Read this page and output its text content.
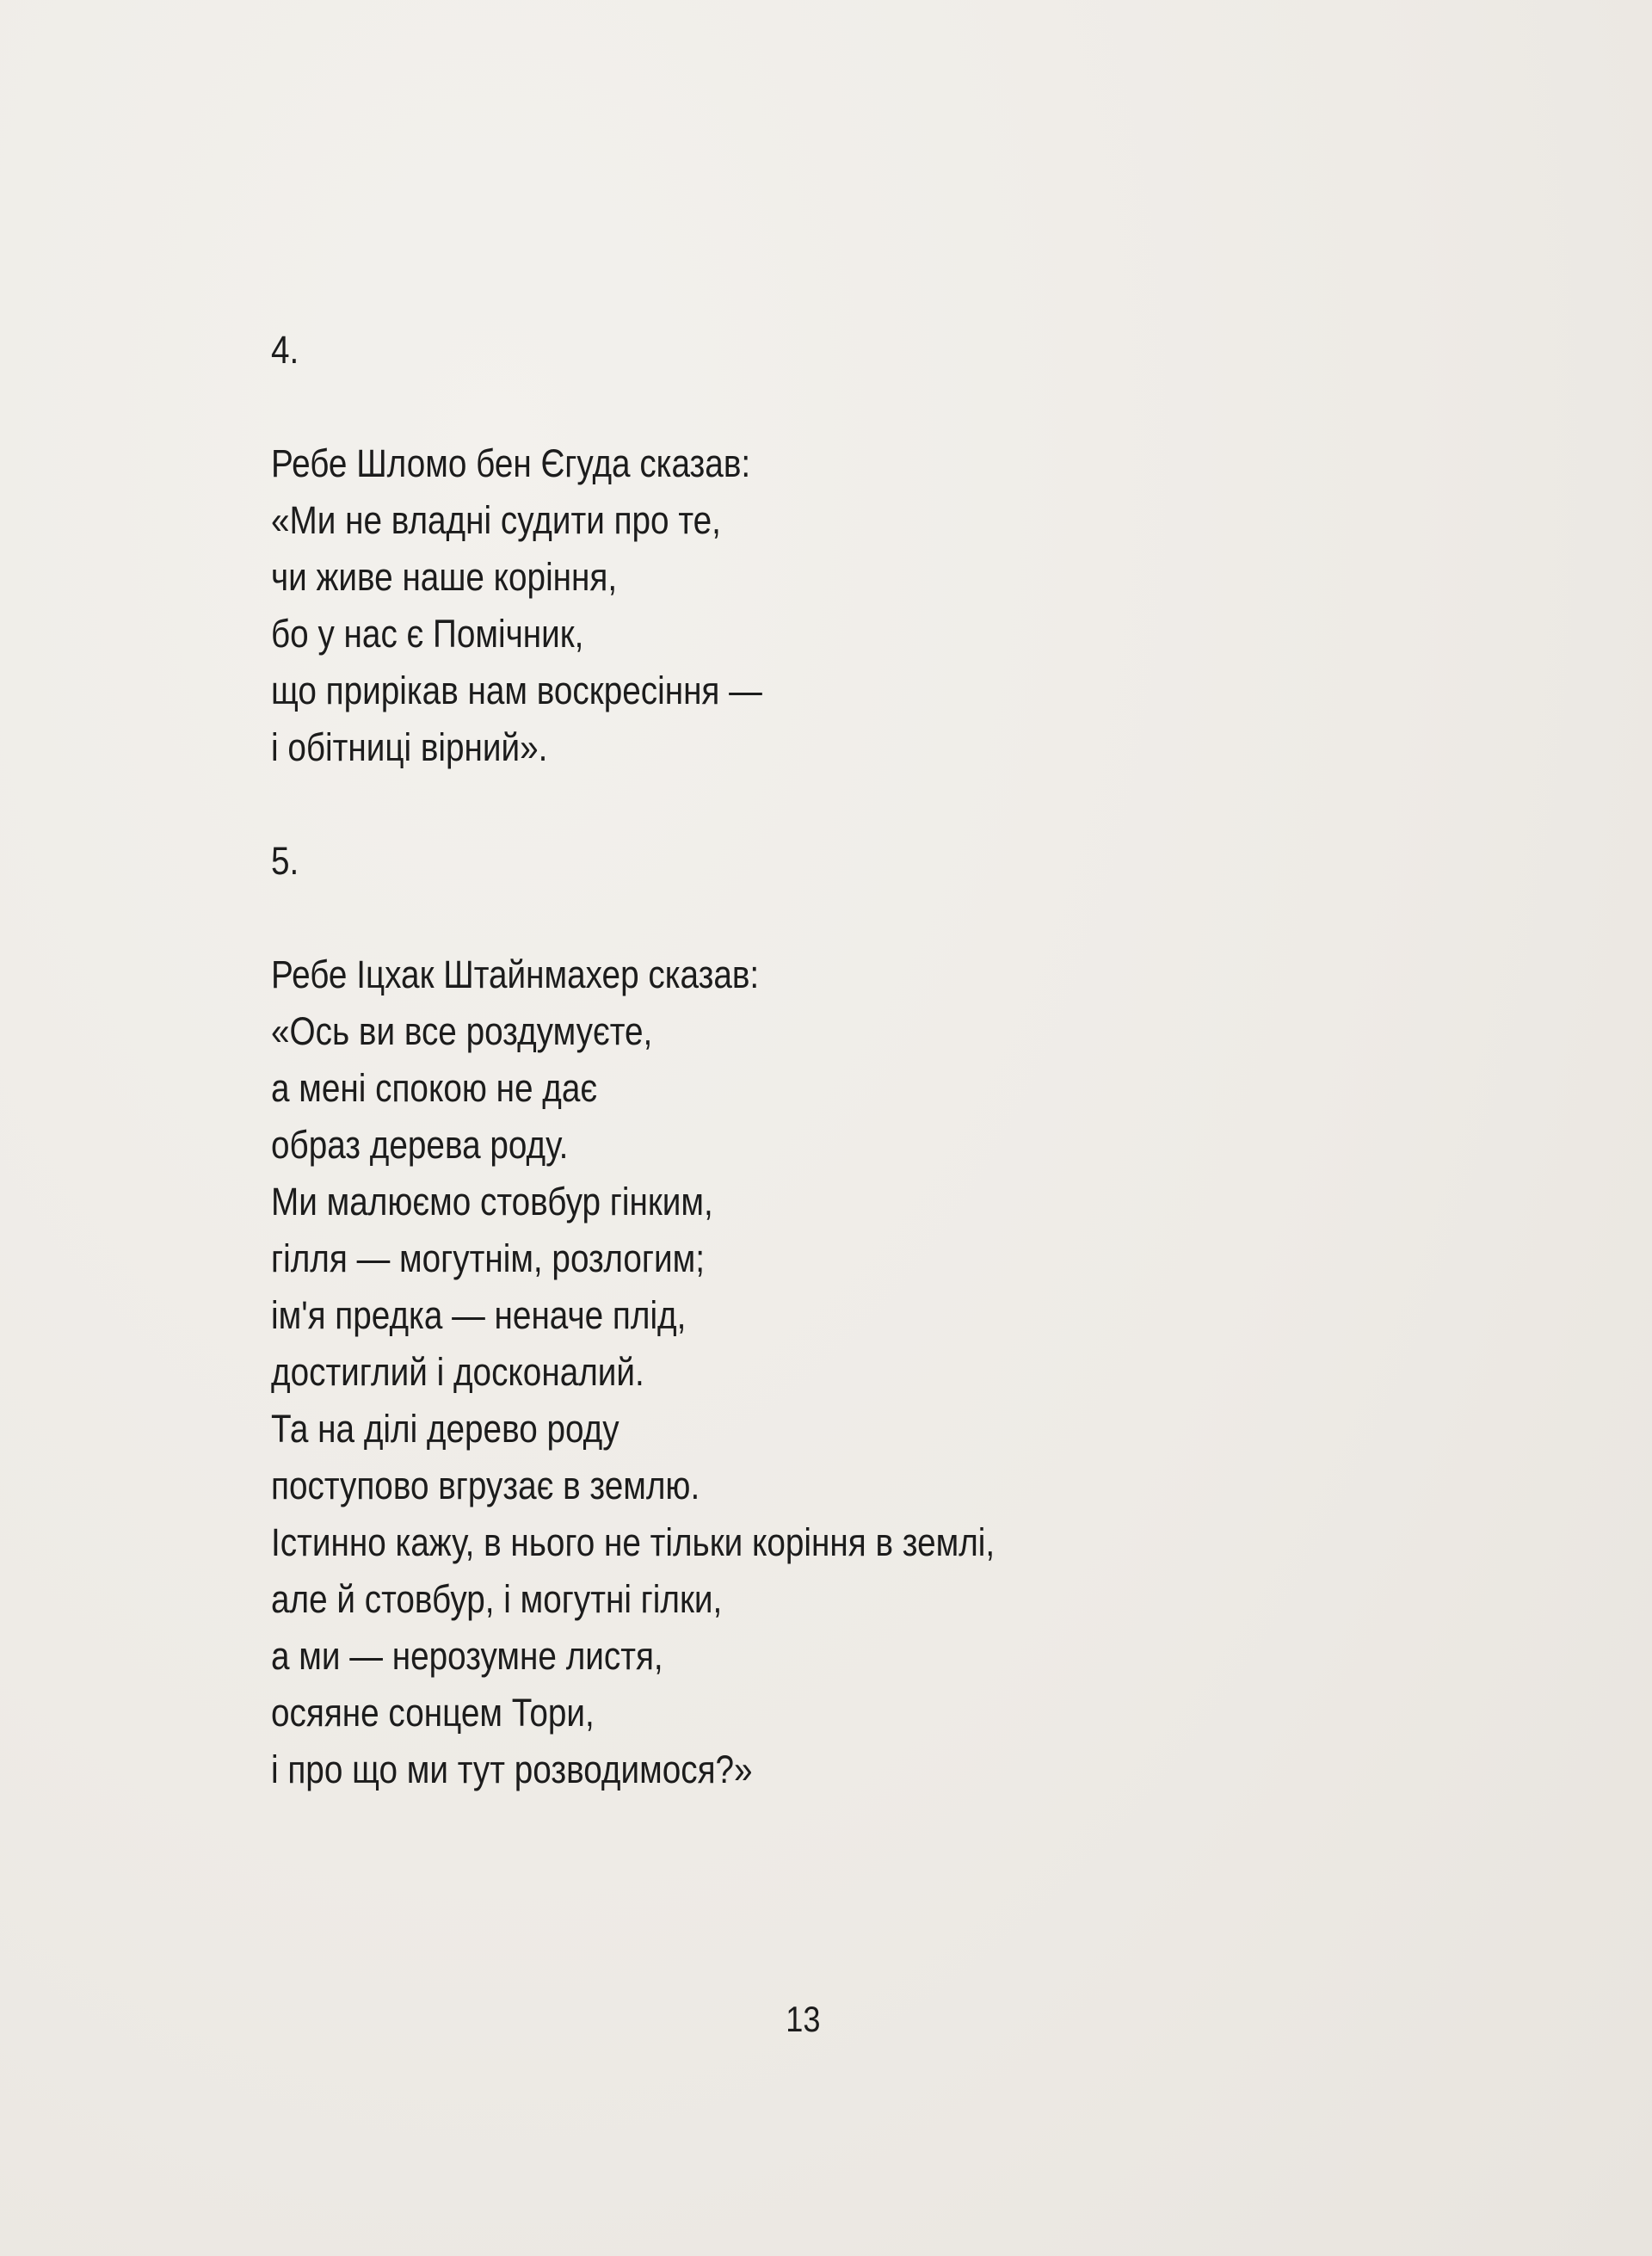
4.
Ребе Шломо бен Єгуда сказав:
«Ми не владні судити про те,
чи живе наше коріння,
бо у нас є Помічник,
що прирікав нам воскресіння —
і обітниці вірний».
5.
Ребе Іцхак Штайнмахер сказав:
«Ось ви все роздумуєте,
а мені спокою не дає
образ дерева роду.
Ми малюємо стовбур гінким,
гілля — могутнім, розлогим;
ім'я предка — неначе плід,
достиглий і досконалий.
Та на ділі дерево роду
поступово вгрузає в землю.
Істинно кажу, в нього не тільки коріння в землі,
але й стовбур, і могутні гілки,
а ми — нерозумне листя,
осяяне сонцем Тори,
і про що ми тут розводимося?»
13
